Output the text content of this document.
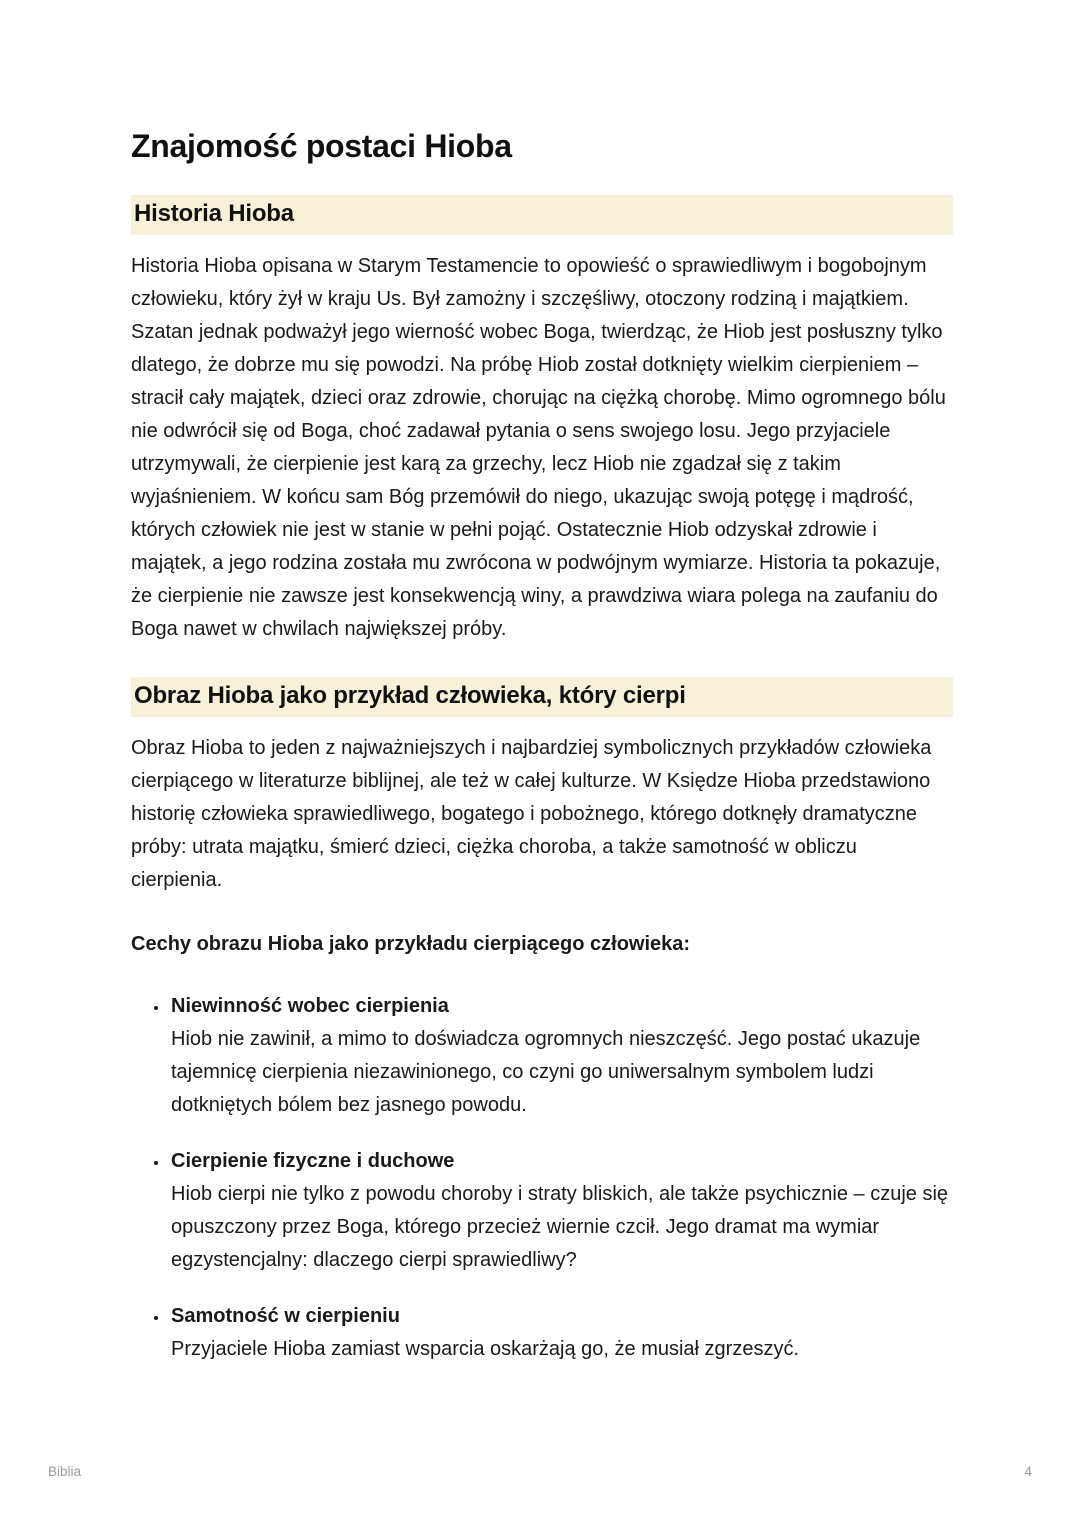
Znajomość postaci Hioba
Historia Hioba

Historia Hioba opisana w Starym Testamencie to opowieść o sprawiedliwym i bogobojnym człowieku, który żył w kraju Us. Był zamożny i szczęśliwy, otoczony rodziną i majątkiem. Szatan jednak podważył jego wierność wobec Boga, twierdząc, że Hiob jest posłuszny tylko dlatego, że dobrze mu się powodzi. Na próbę Hiob został dotknięty wielkim cierpieniem – stracił cały majątek, dzieci oraz zdrowie, chorując na ciężką chorobę. Mimo ogromnego bólu nie odwrócił się od Boga, choć zadawał pytania o sens swojego losu. Jego przyjaciele utrzymywali, że cierpienie jest karą za grzechy, lecz Hiob nie zgadzał się z takim wyjaśnieniem. W końcu sam Bóg przemówił do niego, ukazując swoją potęgę i mądrość, których człowiek nie jest w stanie w pełni pojąć. Ostatecznie Hiob odzyskał zdrowie i majątek, a jego rodzina została mu zwrócona w podwójnym wymiarze. Historia ta pokazuje, że cierpienie nie zawsze jest konsekwencją winy, a prawdziwa wiara polega na zaufaniu do Boga nawet w chwilach największej próby.

Obraz Hioba jako przykład człowieka, który cierpi

Obraz Hioba to jeden z najważniejszych i najbardziej symbolicznych przykładów człowieka cierpiącego w literaturze biblijnej, ale też w całej kulturze. W Księdze Hioba przedstawiono historię człowieka sprawiedliwego, bogatego i pobożnego, którego dotknęły dramatyczne próby: utrata majątku, śmierć dzieci, ciężka choroba, a także samotność w obliczu cierpienia.

Cechy obrazu Hioba jako przykładu cierpiącego człowieka:

• Niewinność wobec cierpienia
Hiob nie zawinił, a mimo to doświadcza ogromnych nieszczęść. Jego postać ukazuje tajemnicę cierpienia niezawinionego, co czyni go uniwersalnym symbolem ludzi dotkniętych bólem bez jasnego powodu.
• Cierpienie fizyczne i duchowe
Hiob cierpi nie tylko z powodu choroby i straty bliskich, ale także psychicznie – czuje się opuszczony przez Boga, którego przecież wiernie czcił. Jego dramat ma wymiar egzystencjalny: dlaczego cierpi sprawiedliwy?
• Samotność w cierpieniu
Przyjaciele Hioba zamiast wsparcia oskarżają go, że musiał zgrzeszyć.
Biblia	4
